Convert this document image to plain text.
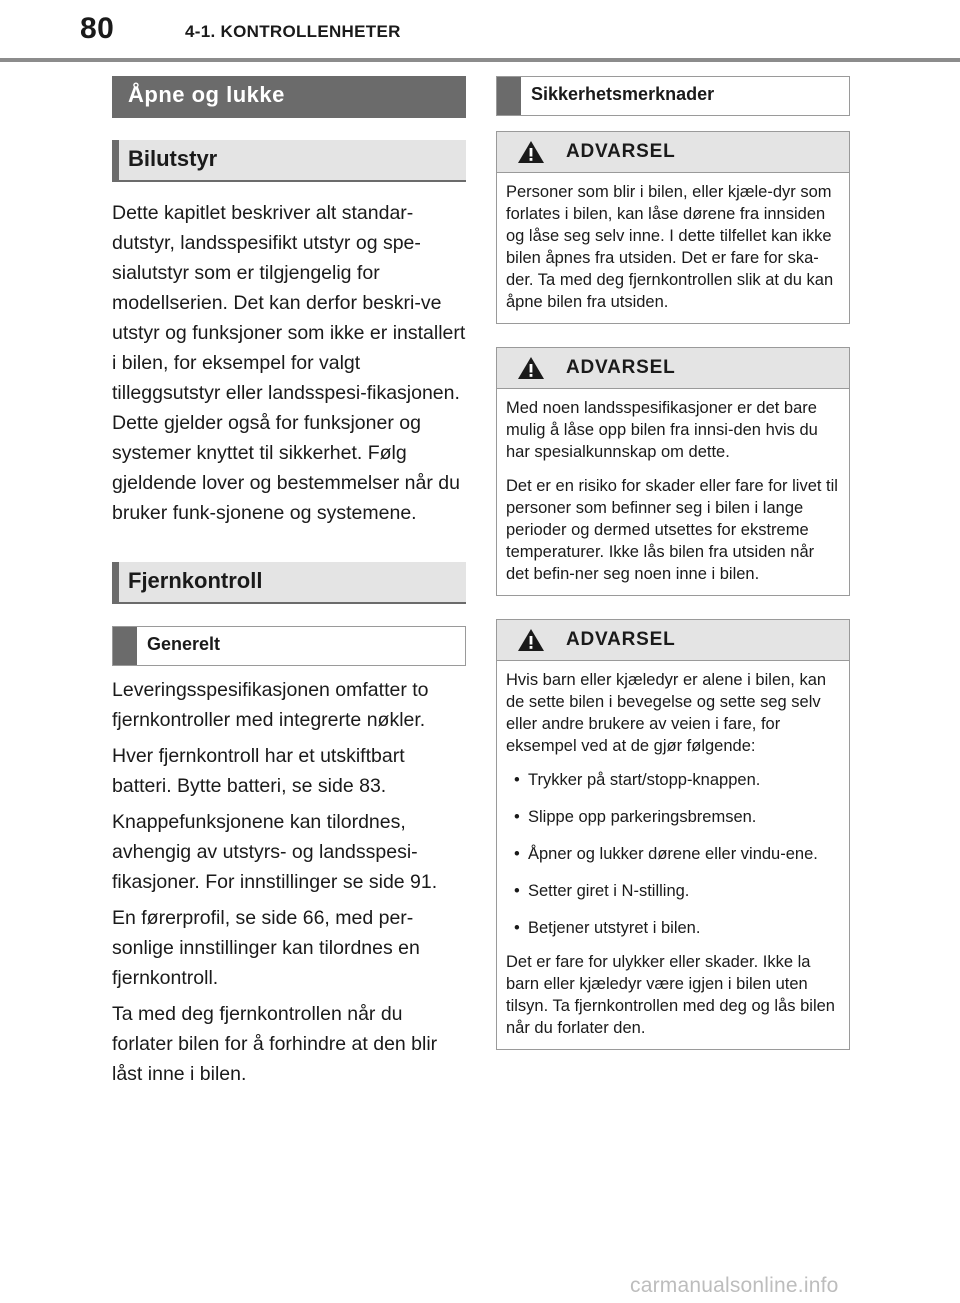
80	4-1. KONTROLLENHETER
Åpne og lukke
Bilutstyr

Dette kapitlet beskriver alt standar-dutstyr, landsspesifikt utstyr og spe-sialutstyr som er tilgjengelig for modellserien. Det kan derfor beskri-ve utstyr og funksjoner som ikke er installert i bilen, for eksempel for valgt tilleggsutstyr eller landsspesi-fikasjonen. Dette gjelder også for funksjoner og systemer knyttet til sikkerhet. Følg gjeldende lover og bestemmelser når du bruker funk-sjonene og systemene.

Fjernkontroll
Generelt

Leveringsspesifikasjonen omfatter to fjernkontroller med integrerte nøkler.

Hver fjernkontroll har et utskiftbart batteri. Bytte batteri, se side 83.

Knappefunksjonene kan tilordnes, avhengig av utstyrs- og landsspesi-fikasjoner. For innstillinger se side 91.

En førerprofil, se side 66, med per-sonlige innstillinger kan tilordnes en fjernkontroll.

Ta med deg fjernkontrollen når du forlater bilen for å forhindre at den blir låst inne i bilen.

Sikkerhetsmerknader
ADVARSEL

Personer som blir i bilen, eller kjæle-dyr som forlates i bilen, kan låse dørene fra innsiden og låse seg selv inne. I dette tilfellet kan ikke bilen åpnes fra utsiden. Det er fare for ska-der. Ta med deg fjernkontrollen slik at du kan åpne bilen fra utsiden.

ADVARSEL

Med noen landsspesifikasjoner er det bare mulig å låse opp bilen fra innsi-den hvis du har spesialkunnskap om dette.

Det er en risiko for skader eller fare for livet til personer som befinner seg i bilen i lange perioder og dermed utsettes for ekstreme temperaturer. Ikke lås bilen fra utsiden når det befin-ner seg noen inne i bilen.

ADVARSEL

Hvis barn eller kjæledyr er alene i bilen, kan de sette bilen i bevegelse og sette seg selv eller andre brukere av veien i fare, for eksempel ved at de gjør følgende:

• Trykker på start/stopp-knappen.
• Slippe opp parkeringsbremsen.
• Åpner og lukker dørene eller vindu-ene.
• Setter giret i N-stilling.
• Betjener utstyret i bilen.

Det er fare for ulykker eller skader. Ikke la barn eller kjæledyr være igjen i bilen uten tilsyn. Ta fjernkontrollen med deg og lås bilen når du forlater den.

carmanualsonline.info
